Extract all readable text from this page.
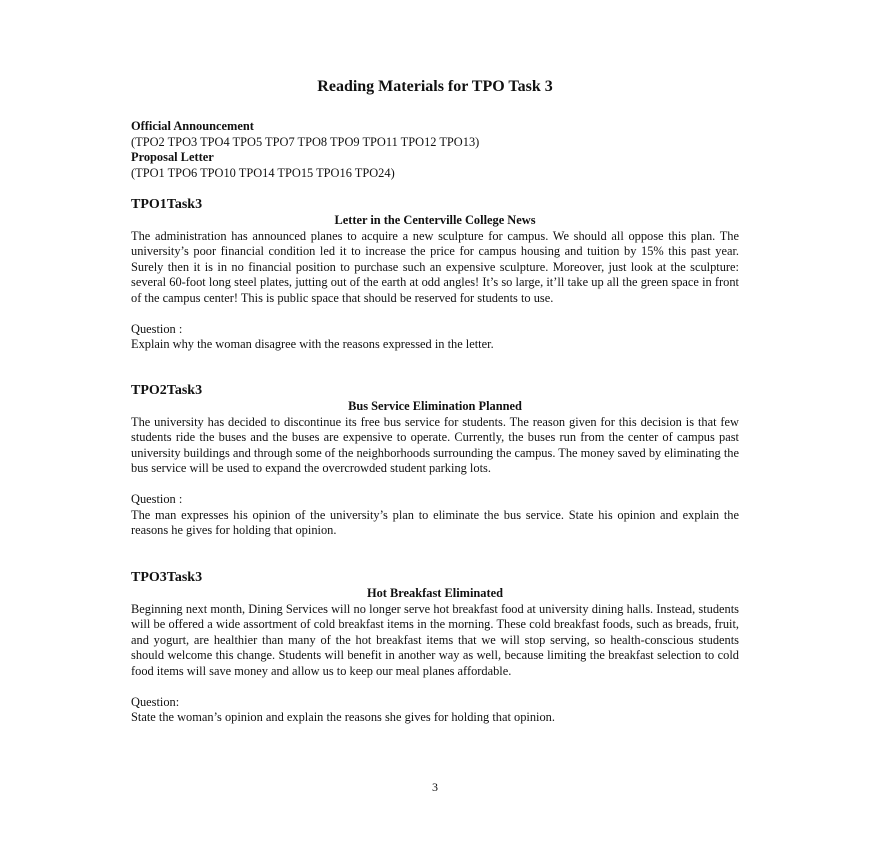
Reading Materials for TPO Task 3
Official Announcement
(TPO2 TPO3 TPO4 TPO5 TPO7 TPO8 TPO9 TPO11 TPO12 TPO13)
Proposal Letter
(TPO1 TPO6 TPO10 TPO14 TPO15 TPO16 TPO24)
TPO1Task3
Letter in the Centerville College News
The administration has announced planes to acquire a new sculpture for campus. We should all oppose this plan. The university’s poor financial condition led it to increase the price for campus housing and tuition by 15% this past year. Surely then it is in no financial position to purchase such an expensive sculpture. Moreover, just look at the sculpture: several 60-foot long steel plates, jutting out of the earth at odd angles! It’s so large, it’ll take up all the green space in front of the campus center! This is public space that should be reserved for students to use.
Question :
Explain why the woman disagree with the reasons expressed in the letter.
TPO2Task3
Bus Service Elimination Planned
The university has decided to discontinue its free bus service for students. The reason given for this decision is that few students ride the buses and the buses are expensive to operate. Currently, the buses run from the center of campus past university buildings and through some of the neighborhoods surrounding the campus. The money saved by eliminating the bus service will be used to expand the overcrowded student parking lots.
Question :
The man expresses his opinion of the university’s plan to eliminate the bus service. State his opinion and explain the reasons he gives for holding that opinion.
TPO3Task3
Hot Breakfast Eliminated
Beginning next month, Dining Services will no longer serve hot breakfast food at university dining halls. Instead, students will be offered a wide assortment of cold breakfast items in the morning. These cold breakfast foods, such as breads, fruit, and yogurt, are healthier than many of the hot breakfast items that we will stop serving, so health-conscious students should welcome this change. Students will benefit in another way as well, because limiting the breakfast selection to cold food items will save money and allow us to keep our meal planes affordable.
Question:
State the woman’s opinion and explain the reasons she gives for holding that opinion.
3
